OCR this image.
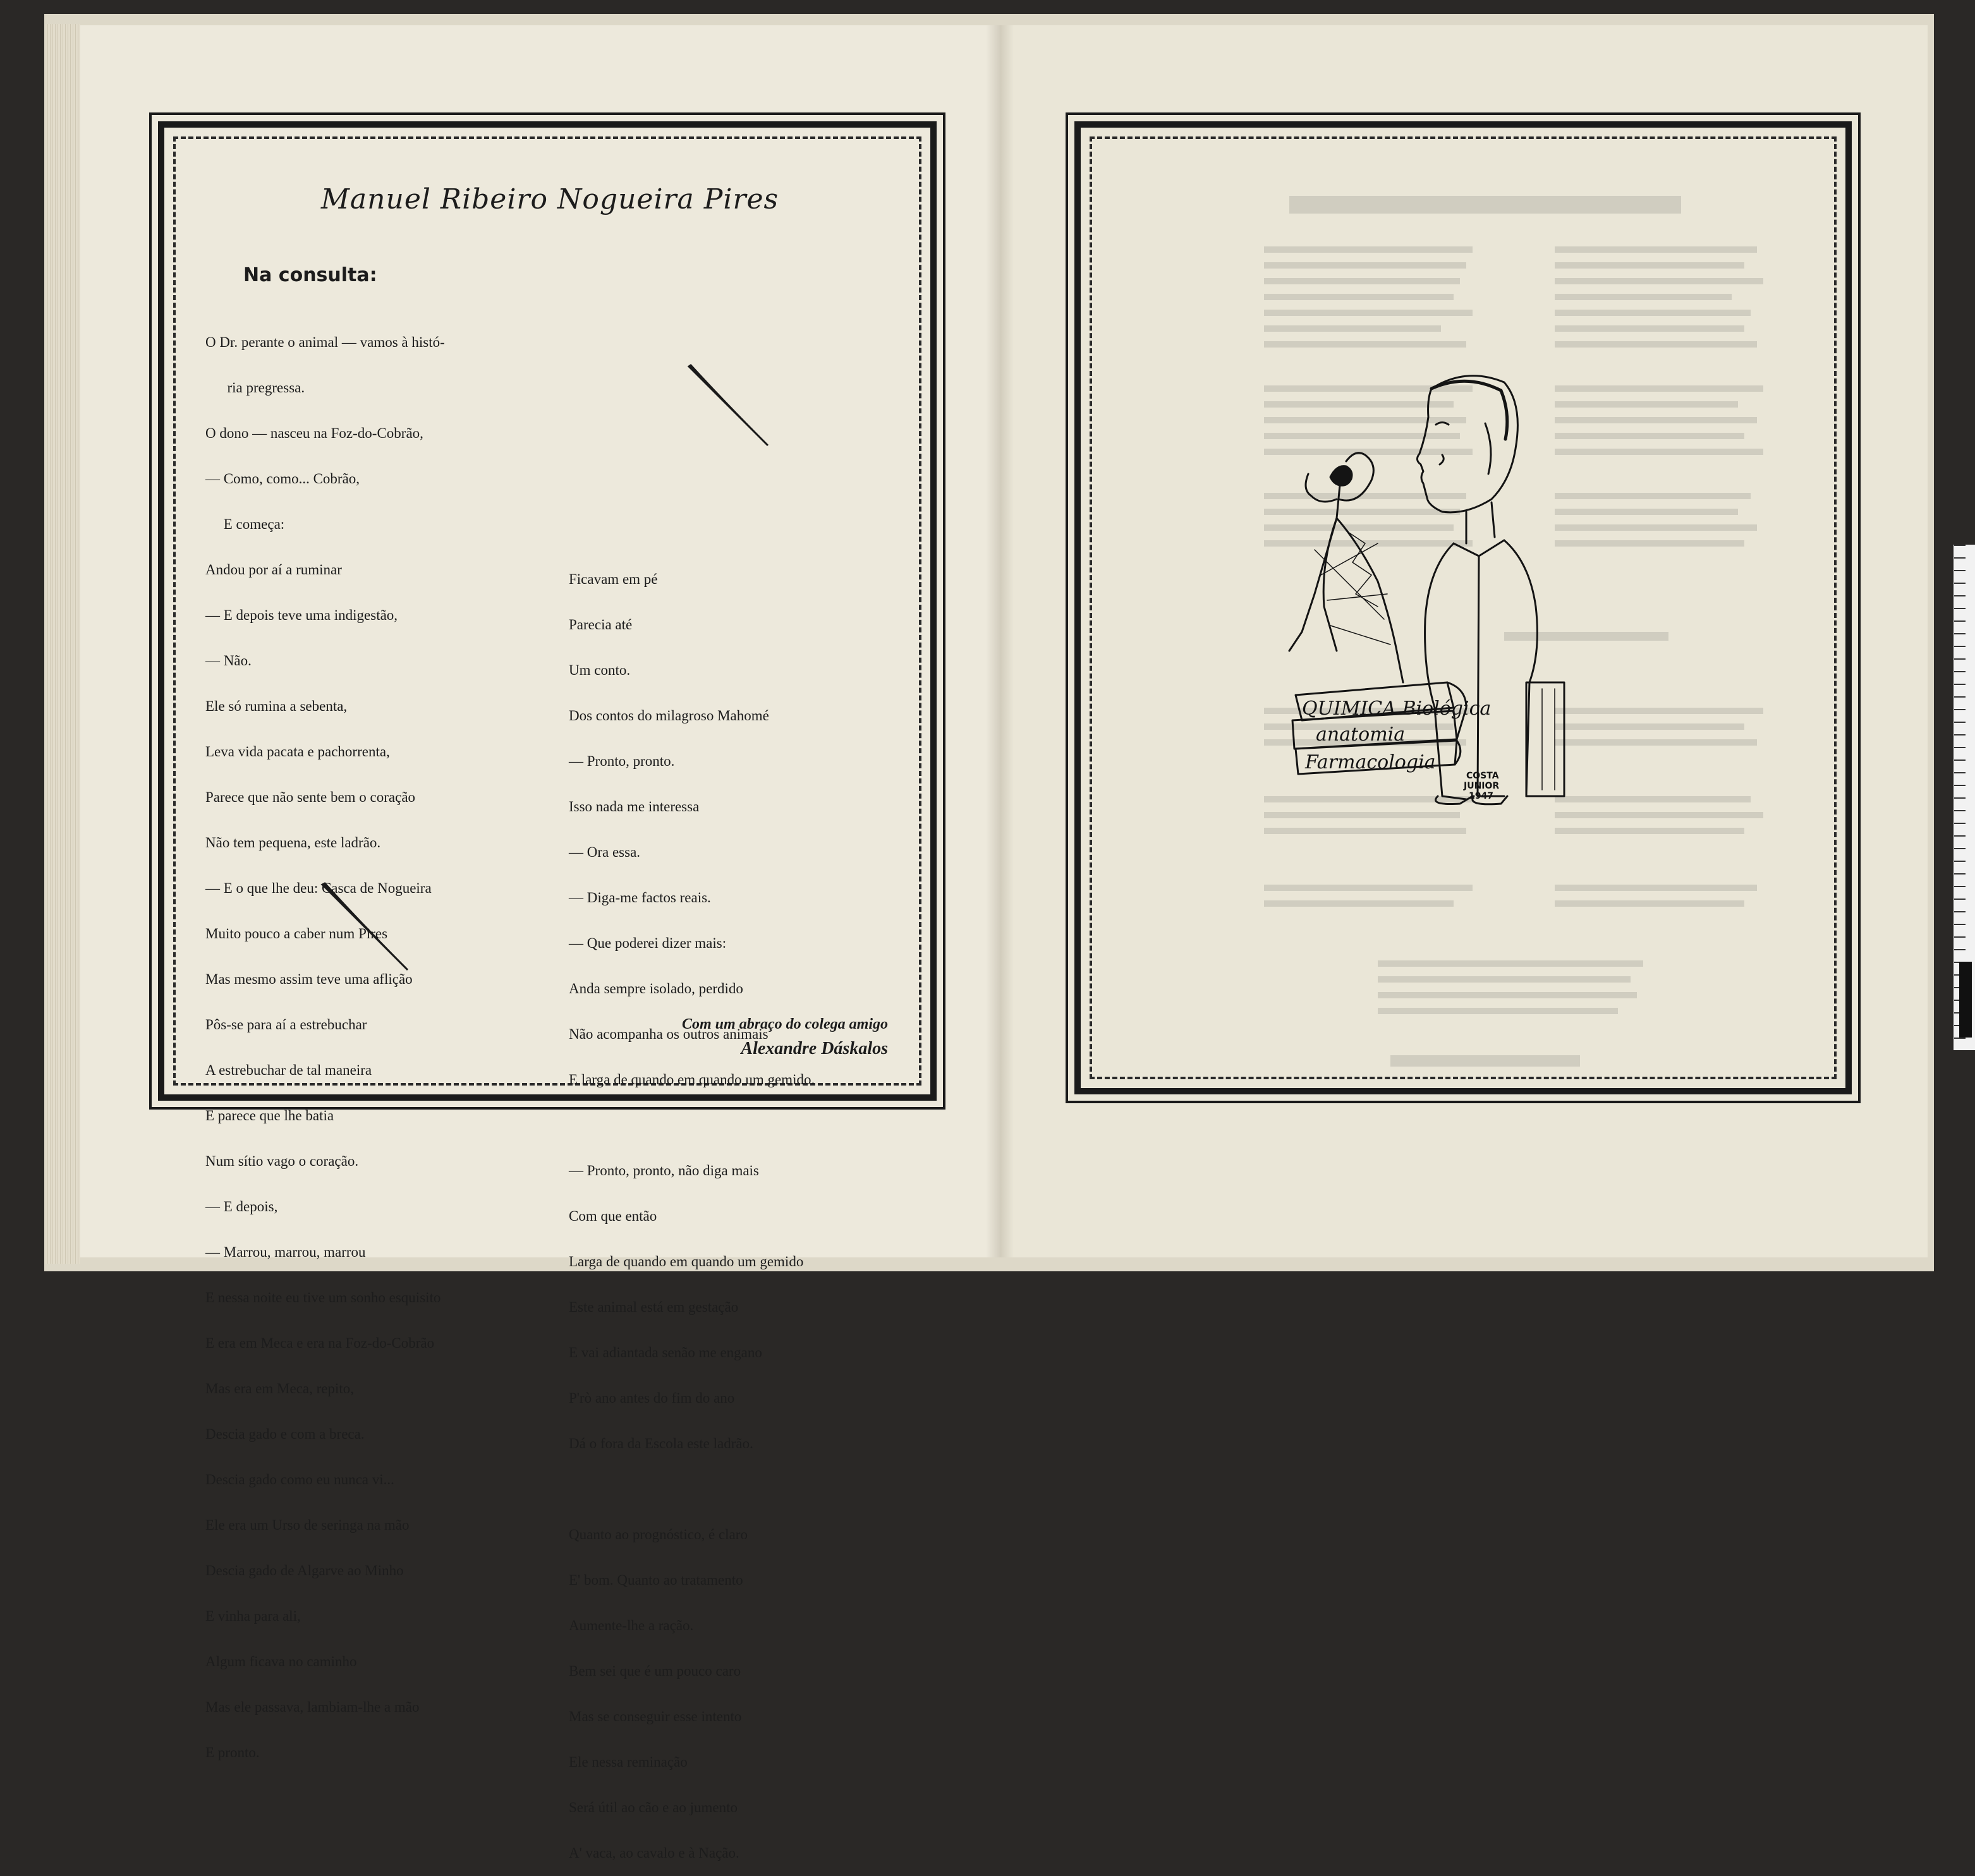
Manuel Ribeiro Nogueira Pires
Na consulta:

O Dr. perante o animal — vamos à histó-

ria pregressa.

O dono — nasceu na Foz-do-Cobrão,

— Como, como... Cobrão,

E começa:

Andou por aí a ruminar

— E depois teve uma indigestão,

— Não.

Ele só rumina a sebenta,

Leva vida pacata e pachorrenta,

Parece que não sente bem o coração

Não tem pequena, este ladrão.

— E o que lhe deu: Casca de Nogueira

Muito pouco a caber num Pires

Mas mesmo assim teve uma aflição

Pôs-se para aí a estrebuchar

A estrebuchar de tal maneira

E parece que lhe batia

Num sítio vago o coração.

— E depois,

— Marrou, marrou, marrou

E nessa noite eu tive um sonho esquisito

E era em Meca e era na Foz-do-Cobrão

Mas era em Meca, repito,

Descia gado e com a breca.

Descia gado como eu nunca vi...

Ele era um Urso de seringa na mão

Descia gado de Algarve ao Minho

E vinha para ali,

Algum ficava no caminho

Mas ele passava, lambiam-lhe a mão

E pronto.

Ficavam em pé

Parecia até

Um conto.

Dos contos do milagroso Mahomé

— Pronto, pronto.

Isso nada me interessa

— Ora essa.

— Diga-me factos reais.

— Que poderei dizer mais:

Anda sempre isolado, perdido

Não acompanha os outros animais

E larga de quando em quando um gemido.

— Pronto, pronto, não diga mais

Com que então

Larga de quando em quando um gemido

Este animal está em gestação

E vai adiantada senão me engano

P'rò ano antes do fim do ano

Dá o fora da Escola este ladrão.

Quanto ao prognóstico, é claro

E' bom. Quanto ao tratamento

Aumente-lhe a ração.

Bem sei que é um pouco caro

Mas se conseguir esse intento

Ele nessa reminação

Será útil ao cão e ao jumento

A' vaca, ao cavalo e à Nação.

Com um abraço do colega amigo
Alexandre Dáskalos
QUIMICA Biológica
anatomia
Farmacologia
COSTA
JUNIOR
1947
